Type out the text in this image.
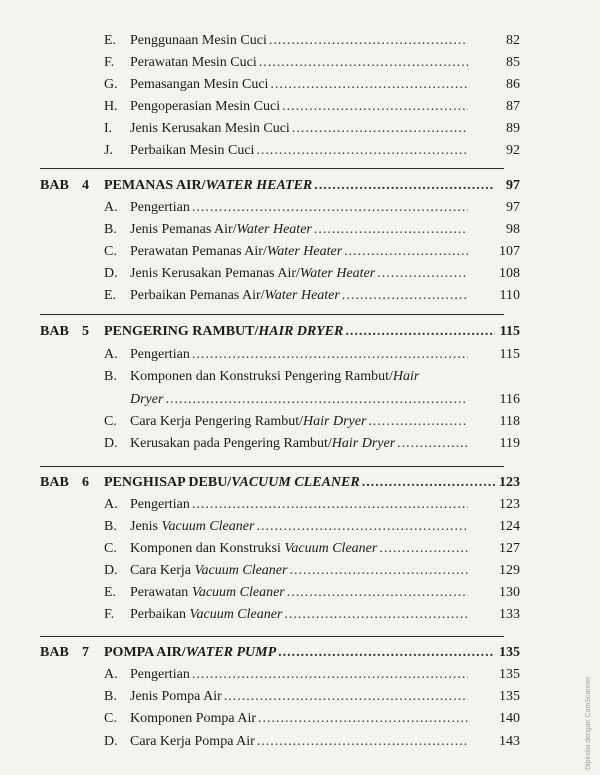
E. Penggunaan Mesin Cuci .....	82
F. Perawatan Mesin Cuci .....	85
G. Pemasangan Mesin Cuci .....	86
H. Pengoperasian Mesin Cuci .....	87
I. Jenis Kerusakan Mesin Cuci .....	89
J. Perbaikan Mesin Cuci .....	92
BAB 4 PEMANAS AIR/WATER HEATER .....	97
A. Pengertian .....	97
B. Jenis Pemanas Air/Water Heater .....	98
C. Perawatan Pemanas Air/Water Heater .....	107
D. Jenis Kerusakan Pemanas Air/Water Heater .....	108
E. Perbaikan Pemanas Air/Water Heater .....	110
BAB 5 PENGERING RAMBUT/HAIR DRYER .....	115
A. Pengertian .....	115
B. Komponen dan Konstruksi Pengering Rambut/Hair
Dryer .....	116
C. Cara Kerja Pengering Rambut/Hair Dryer .....	118
D. Kerusakan pada Pengering Rambut/Hair Dryer .....	119
BAB 6 PENGHISAP DEBU/VACUUM CLEANER .....	123
A. Pengertian .....	123
B. Jenis Vacuum Cleaner .....	124
C. Komponen dan Konstruksi Vacuum Cleaner .....	127
D. Cara Kerja Vacuum Cleaner .....	129
E. Perawatan Vacuum Cleaner .....	130
F. Perbaikan Vacuum Cleaner .....	133
BAB 7 POMPA AIR/WATER PUMP .....	135
A. Pengertian .....	135
B. Jenis Pompa Air .....	135
C. Komponen Pompa Air .....	140
D. Cara Kerja Pompa Air .....	143	Dipindai dengan CamScanner
